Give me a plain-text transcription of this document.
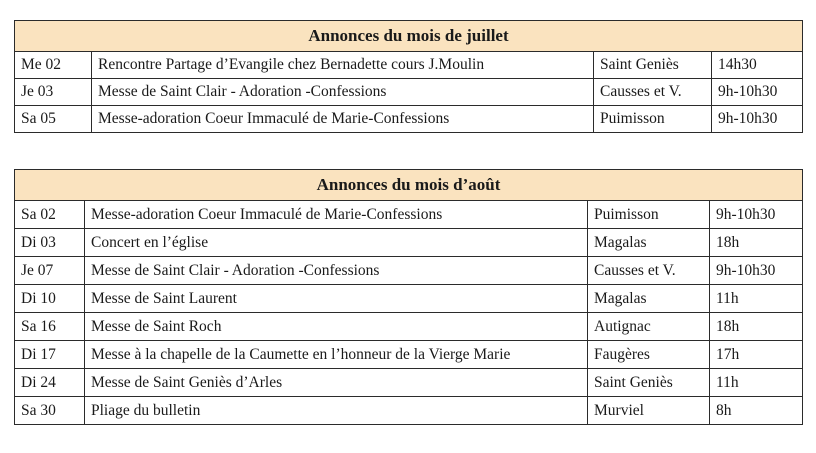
Annonces du mois de juillet			
Me 02	Rencontre Partage d’Evangile chez Bernadette cours J.Moulin	Saint Geniès	14h30
Je 03	Messe de Saint Clair - Adoration -Confessions	Causses et V.	9h-10h30
Sa 05	Messe-adoration Coeur Immaculé de Marie-Confessions	Puimisson	9h-10h30
Annonces du mois d’août			
Sa 02	Messe-adoration Coeur Immaculé de Marie-Confessions	Puimisson	9h-10h30
Di 03	Concert en l’église	Magalas	18h
Je 07	Messe de Saint Clair - Adoration -Confessions	Causses et V.	9h-10h30
Di 10	Messe de Saint Laurent	Magalas	11h
Sa 16	Messe de Saint Roch	Autignac	18h
Di 17	Messe à la chapelle de la Caumette en l’honneur de la Vierge Marie	Faugères	17h
Di 24	Messe de Saint Geniès d’Arles	Saint Geniès	11h
Sa 30	Pliage du bulletin	Murviel	8h
